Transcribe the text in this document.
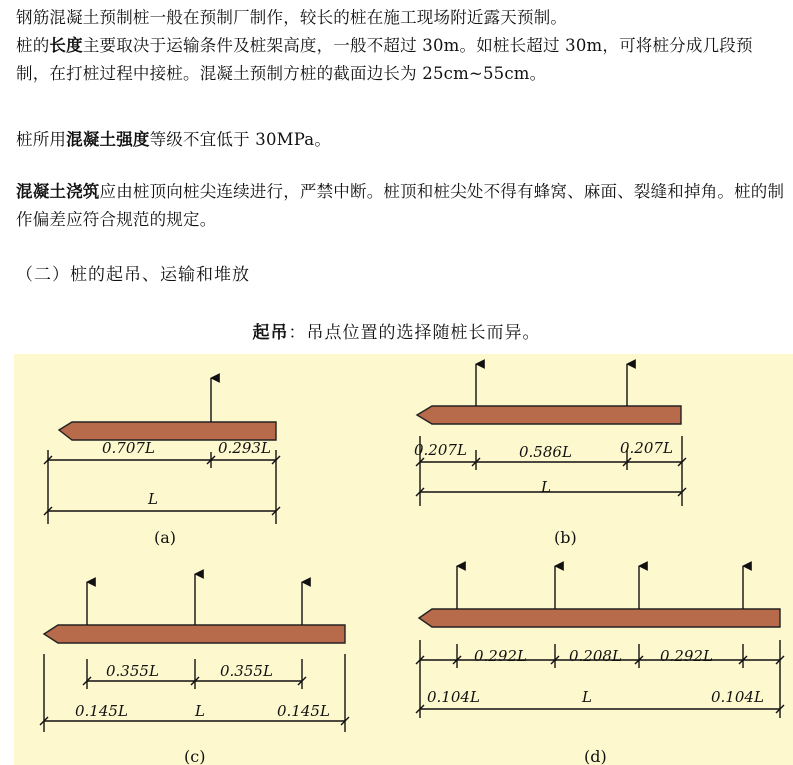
钢筋混凝土预制桩一般在预制厂制作，较长的桩在施工现场附近露天预制。
桩的长度主要取决于运输条件及桩架高度，一般不超过 30m。如桩长超过 30m，可将桩分成几段预制，在打桩过程中接桩。混凝土预制方桩的截面边长为 25cm~55cm。
桩所用混凝土强度等级不宜低于 30MPa。
混凝土浇筑应由桩顶向桩尖连续进行，严禁中断。桩顶和桩尖处不得有蜂窝、麻面、裂缝和掉角。桩的制作偏差应符合规范的规定。
（二）桩的起吊、运输和堆放
起吊：吊点位置的选择随桩长而异。
0.707L	0.293L
L
(a)
0.207L	0.586L	0.207L
L
(b)
0.355L	0.355L
0.145L	L	0.145L
(c)
0.292L	0.208L	0.292L
0.104L	L	0.104L
(d)
